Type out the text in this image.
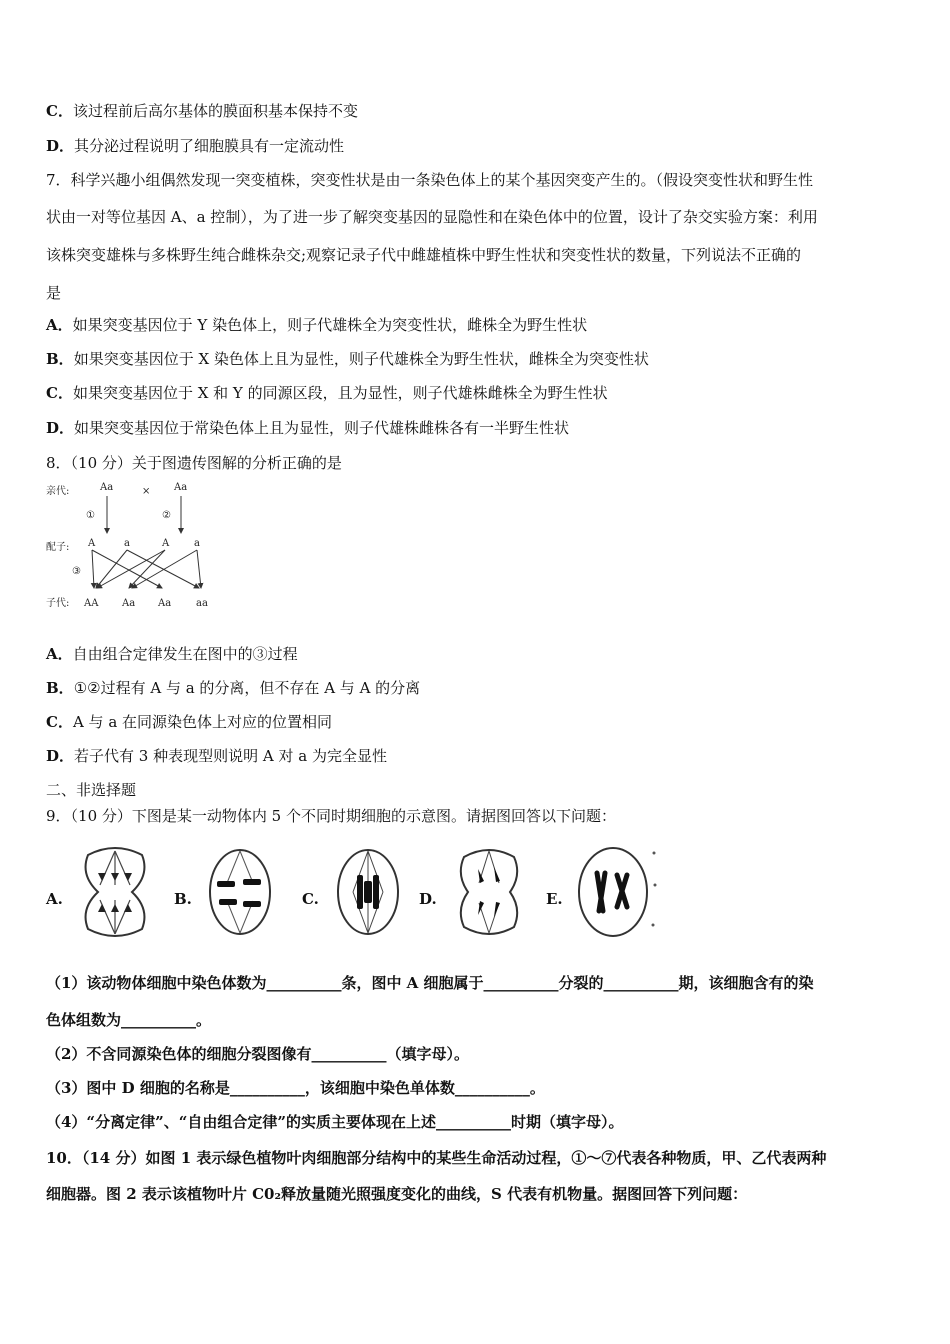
C．该过程前后高尔基体的膜面积基本保持不变
D．其分泌过程说明了细胞膜具有一定流动性
7．科学兴趣小组偶然发现一突变植株，突变性状是由一条染色体上的某个基因突变产生的。（假设突变性状和野生性
状由一对等位基因 A、a 控制），为了进一步了解突变基因的显隐性和在染色体中的位置，设计了杂交实验方案：利用
该株突变雄株与多株野生纯合雌株杂交;观察记录子代中雌雄植株中野生性状和突变性状的数量，下列说法不正确的
是
A．如果突变基因位于 Y 染色体上，则子代雄株全为突变性状，雌株全为野生性状
B．如果突变基因位于 X 染色体上且为显性，则子代雄株全为野生性状，雌株全为突变性状
C．如果突变基因位于 X 和 Y 的同源区段，且为显性，则子代雄株雌株全为野生性状
D．如果突变基因位于常染色体上且为显性，则子代雄株雌株各有一半野生性状
8．（10 分）关于图遗传图解的分析正确的是
亲代:	Aa	× Aa
①	②
配子: A	a	A a
③
子代: AA Aa Aa aa
A．自由组合定律发生在图中的③过程
B．①②过程有 A 与 a 的分离，但不存在 A 与 A 的分离
C．A 与 a 在同源染色体上对应的位置相同
D．若子代有 3 种表现型则说明 A 对 a 为完全显性
二、非选择题
9．（10 分）下图是某一动物体内 5 个不同时期细胞的示意图。请据图回答以下问题：
A.	B.	C.	D.	E.
（1）该动物体细胞中染色体数为__________条，图中 A 细胞属于__________分裂的__________期，该细胞含有的染
色体组数为__________。
（2）不含同源染色体的细胞分裂图像有__________（填字母）。
（3）图中 D 细胞的名称是__________，该细胞中染色单体数__________。
（4）“分离定律”、“自由组合定律”的实质主要体现在上述__________时期（填字母）。
10．（14 分）如图 1 表示绿色植物叶肉细胞部分结构中的某些生命活动过程，①～⑦代表各种物质，甲、乙代表两种
细胞器。图 2 表示该植物叶片 C0₂释放量随光照强度变化的曲线，S 代表有机物量。据图回答下列问题：
